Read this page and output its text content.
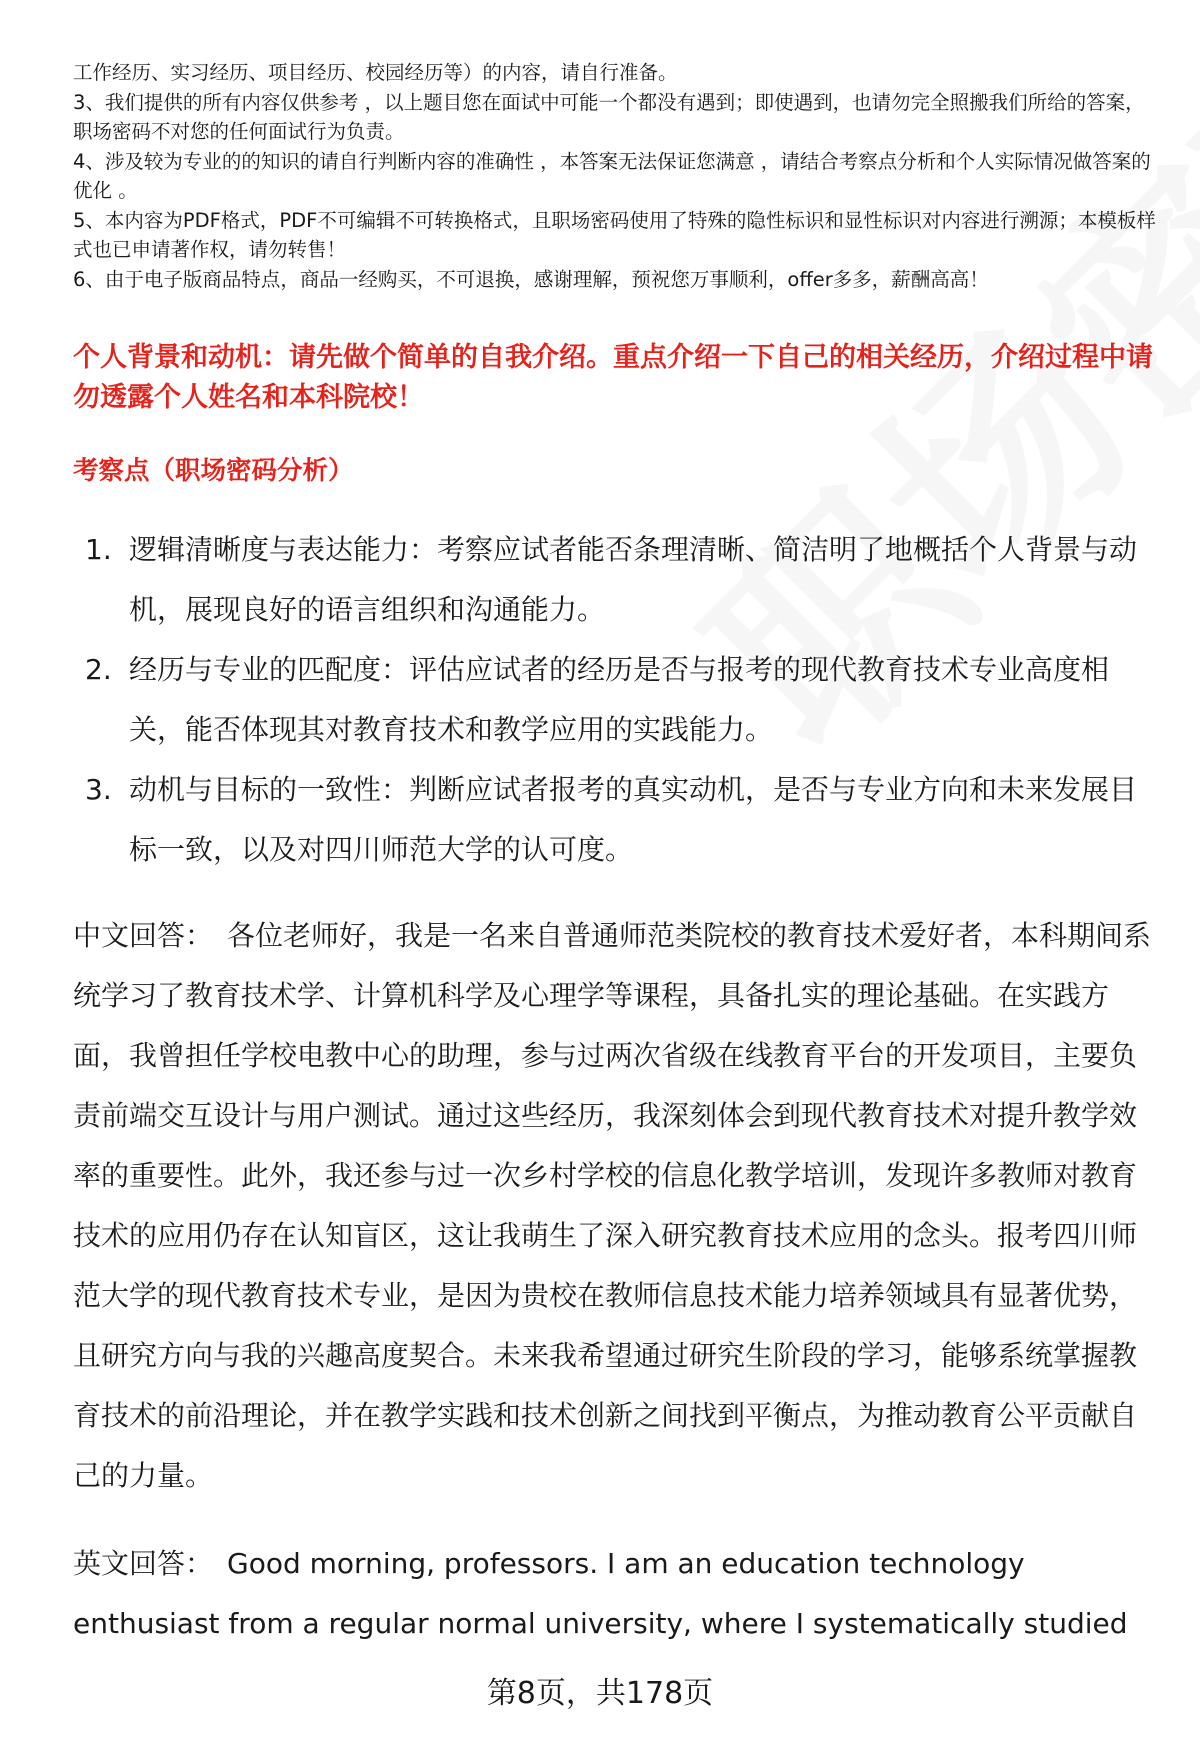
工作经历、实习经历、项目经历、校园经历等）的内容，请自行准备。

3、我们提供的所有内容仅供参考 ，以上题目您在面试中可能一个都没有遇到；即使遇到，也请勿完全照搬我们所给的答案，职场密码不对您的任何面试行为负责。

4、涉及较为专业的的知识的请自行判断内容的准确性 ，本答案无法保证您满意 ，请结合考察点分析和个人实际情况做答案的优化 。

5、本内容为PDF格式，PDF不可编辑不可转换格式，且职场密码使用了特殊的隐性标识和显性标识对内容进行溯源；本模板样式也已申请著作权，请勿转售！

6、由于电子版商品特点，商品一经购买，不可退换，感谢理解，预祝您万事顺利，offer多多，薪酬高高！

个人背景和动机：请先做个简单的自我介绍。重点介绍一下自己的相关经历，介绍过程中请勿透露个人姓名和本科院校！
考察点（职场密码分析）
1. 逻辑清晰度与表达能力：考察应试者能否条理清晰、简洁明了地概括个人背景与动机，展现良好的语言组织和沟通能力。
2. 经历与专业的匹配度：评估应试者的经历是否与报考的现代教育技术专业高度相关，能否体现其对教育技术和教学应用的实践能力。
3. 动机与目标的一致性：判断应试者报考的真实动机，是否与专业方向和未来发展目标一致，以及对四川师范大学的认可度。

中文回答： 各位老师好，我是一名来自普通师范类院校的教育技术爱好者，本科期间系统学习了教育技术学、计算机科学及心理学等课程，具备扎实的理论基础。在实践方面，我曾担任学校电教中心的助理，参与过两次省级在线教育平台的开发项目，主要负责前端交互设计与用户测试。通过这些经历，我深刻体会到现代教育技术对提升教学效率的重要性。此外，我还参与过一次乡村学校的信息化教学培训，发现许多教师对教育技术的应用仍存在认知盲区，这让我萌生了深入研究教育技术应用的念头。报考四川师范大学的现代教育技术专业，是因为贵校在教师信息技术能力培养领域具有显著优势，且研究方向与我的兴趣高度契合。未来我希望通过研究生阶段的学习，能够系统掌握教育技术的前沿理论，并在教学实践和技术创新之间找到平衡点，为推动教育公平贡献自己的力量。

英文回答： Good morning, professors. I am an education technology enthusiast from a regular normal university, where I systematically studied

第8页，共178页
